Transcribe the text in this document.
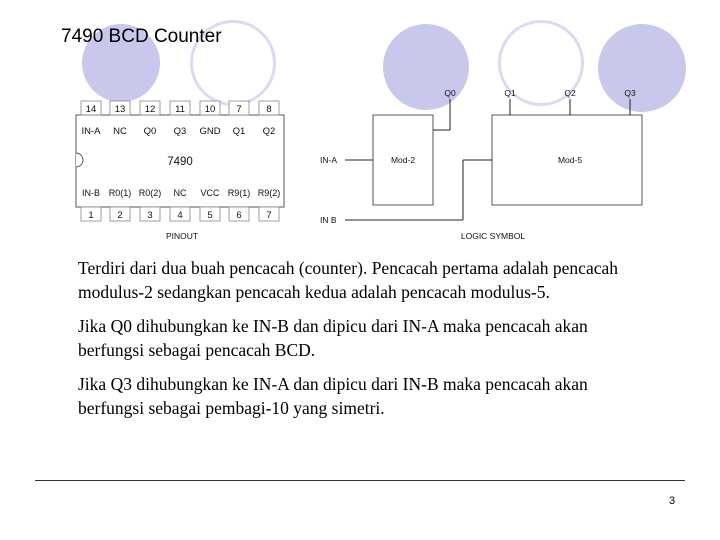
7490 BCD Counter
7490
PINOUT
14
IN-A
1
IN-B
13
NC
2
R0(1)
12
Q0
3
R0(2)
11
Q3
4
NC
10
GND
5
VCC
7
Q1
6
R9(1)
8
Q2
7
R9(2)
Mod-2	Mod-5
IN-A
IN B
Q0	Q1	Q2	Q3
LOGIC SYMBOL

Terdiri dari dua buah pencacah (counter). Pencacah pertama adalah pencacah modulus-2 sedangkan pencacah kedua adalah pencacah modulus-5.

Jika Q0 dihubungkan ke IN-B dan dipicu dari IN-A maka pencacah akan berfungsi sebagai pencacah BCD.

Jika Q3 dihubungkan ke IN-A dan dipicu dari IN-B maka pencacah akan berfungsi sebagai pembagi-10 yang simetri.

3
